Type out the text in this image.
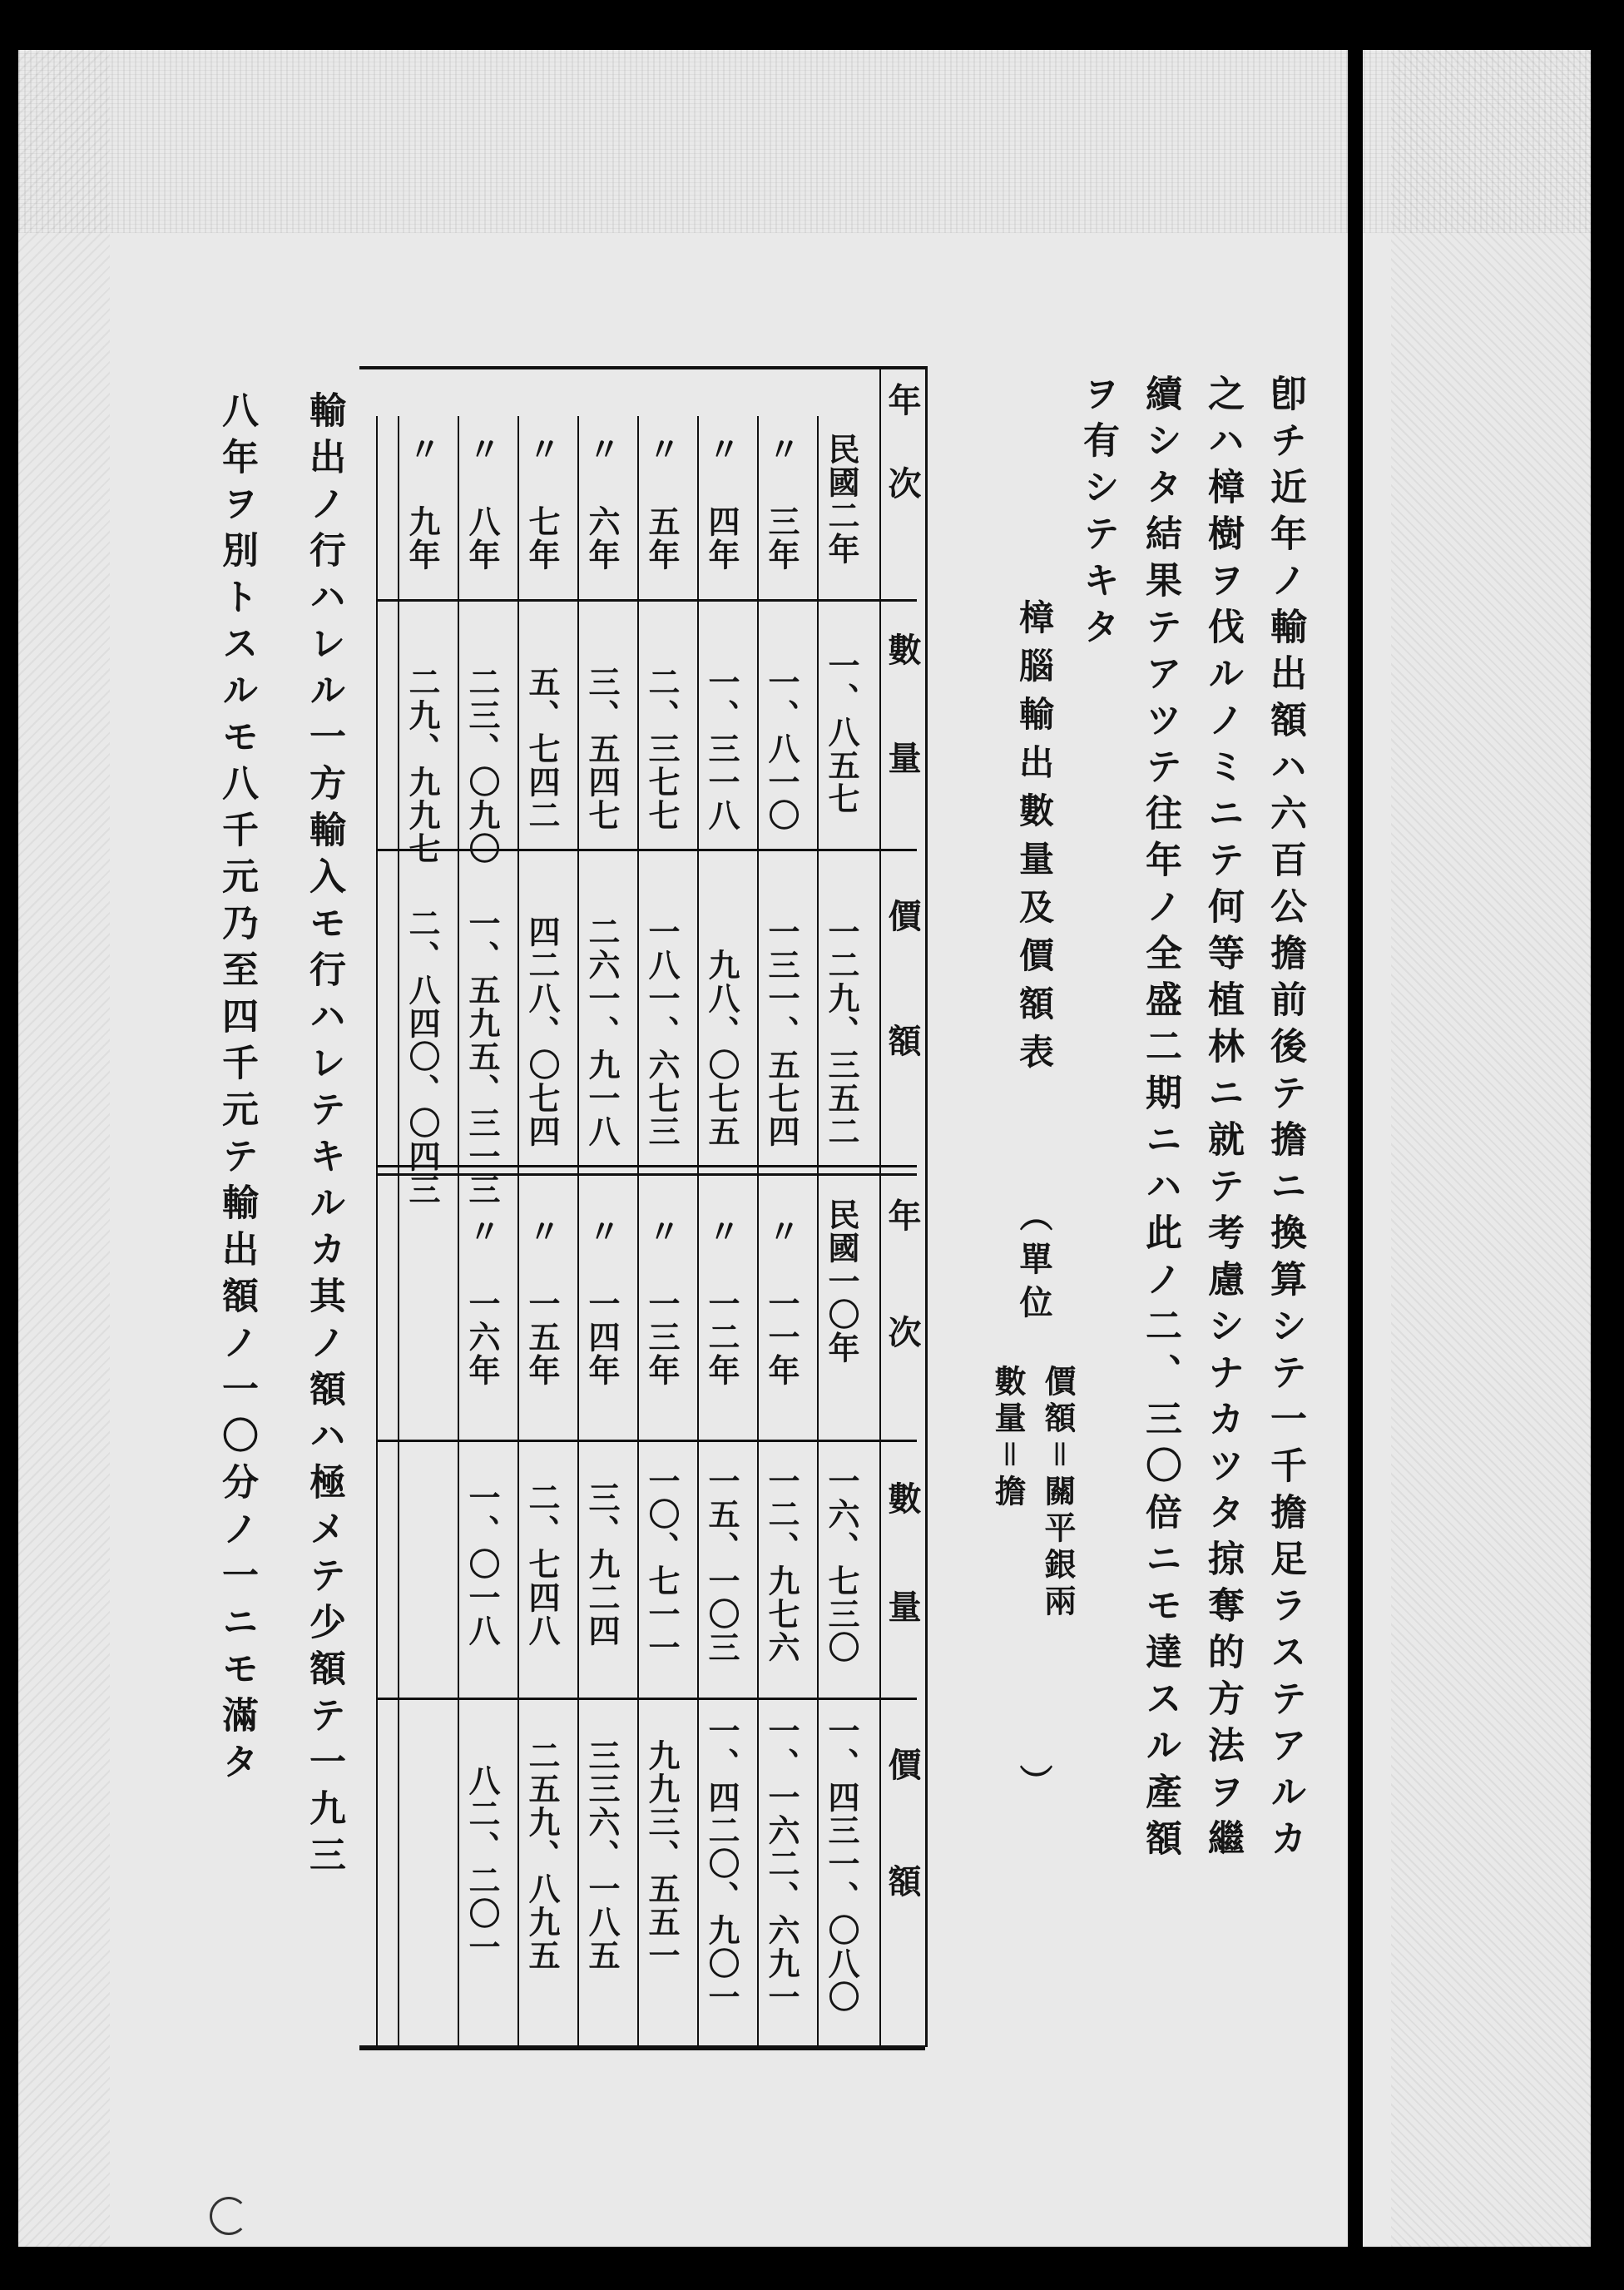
卽チ近年ノ輸出額ハ六百公擔前後テ擔ニ換算シテ一千擔足ラステアルカ
之ハ樟樹ヲ伐ルノミニテ何等植林ニ就テ考慮シナカツタ掠奪的方法ヲ繼
續シタ結果テアツテ往年ノ全盛二期ニハ此ノ二、三〇倍ニモ達スル產額
ヲ有シテキタ
樟腦輸出數量及價額表
（單位
價額＝關平銀兩
數量＝擔
）
年次
數量
價額
年次
數量
價額
民國二年
一、八五七
一二九、三五二
〃 三年
一、八一〇
一三一、五七四
〃 四年
一、三一八
九八、〇七五
〃 五年
二、三七七
一八一、六七三
〃 六年
三、五四七
二六一、九一八
〃 七年
五、七四二
四二八、〇七四
〃 八年
二三、〇九〇
一、五九五、三一三
〃 九年
二九、九九七
二、八四〇、〇四三
民國一〇年
一六、七三〇
一、四三一、〇八〇
〃 一一年
一二、九七六
一、一六二、六九一
〃 一二年
一五、一〇三
一、四二〇、九〇一
〃 一三年
一〇、七一一
九九三、五五一
〃 一四年
三、九二四
三三六、一八五
〃 一五年
二、七四八
二五九、八九五
〃 一六年
一、〇一八
八二、二〇一
輸出ノ行ハレル一方輸入モ行ハレテキルカ其ノ額ハ極メテ少額テ一九三
八年ヲ別トスルモ八千元乃至四千元テ輸出額ノ一〇分ノ一ニモ滿タ
